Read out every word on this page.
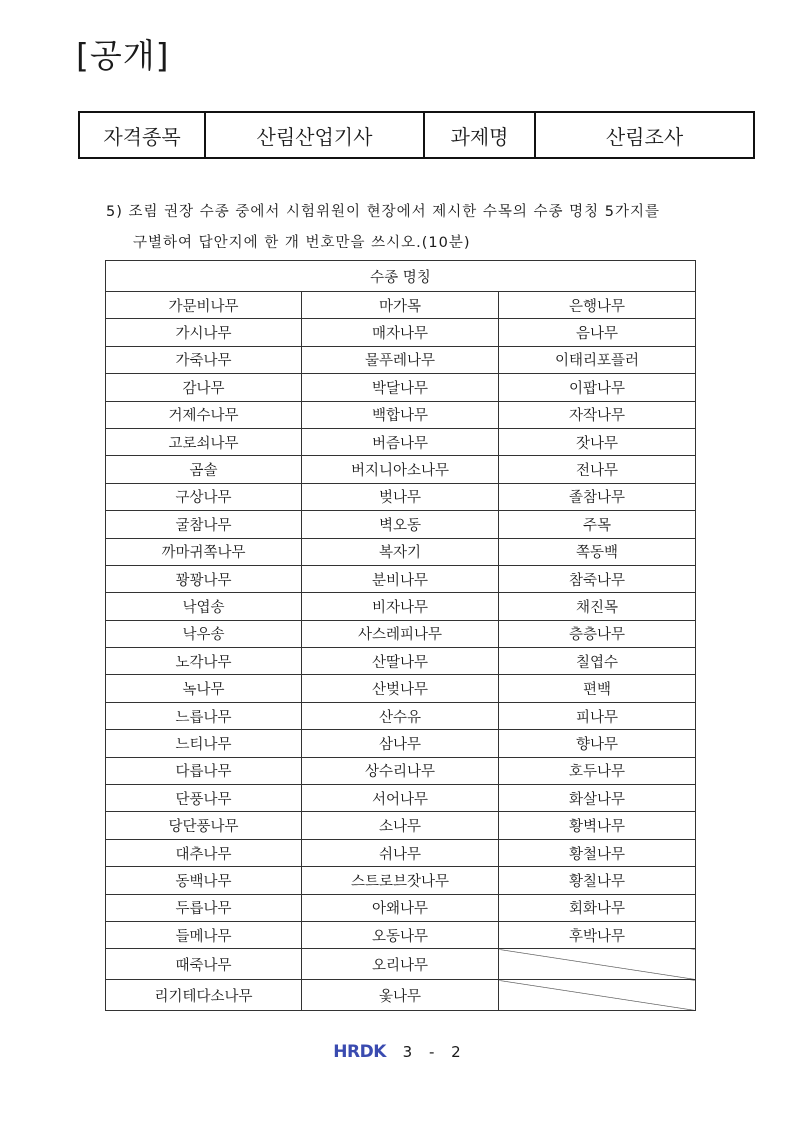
[공개]
자격종목	산림산업기사	과제명	산림조사
5) 조림 권장 수종 중에서 시험위원이 현장에서 제시한 수목의 수종 명칭 5가지를
구별하여 답안지에 한 개 번호만을 쓰시오.(10분)
수종 명칭		
가문비나무	마가목	은행나무
가시나무	매자나무	음나무
가죽나무	물푸레나무	이태리포플러
감나무	박달나무	이팝나무
거제수나무	백합나무	자작나무
고로쇠나무	버즘나무	잣나무
곰솔	버지니아소나무	전나무
구상나무	벚나무	졸참나무
굴참나무	벽오동	주목
까마귀쪽나무	복자기	쪽동백
꽝꽝나무	분비나무	참죽나무
낙엽송	비자나무	채진목
낙우송	사스레피나무	층층나무
노각나무	산딸나무	칠엽수
녹나무	산벚나무	편백
느릅나무	산수유	피나무
느티나무	삼나무	향나무
다릅나무	상수리나무	호두나무
단풍나무	서어나무	화살나무
당단풍나무	소나무	황벽나무
대추나무	쉬나무	황철나무
동백나무	스트로브잣나무	황칠나무
두릅나무	아왜나무	회화나무
들메나무	오동나무	후박나무
때죽나무	오리나무	
리기테다소나무	옻나무	
HRDK 3 - 2
